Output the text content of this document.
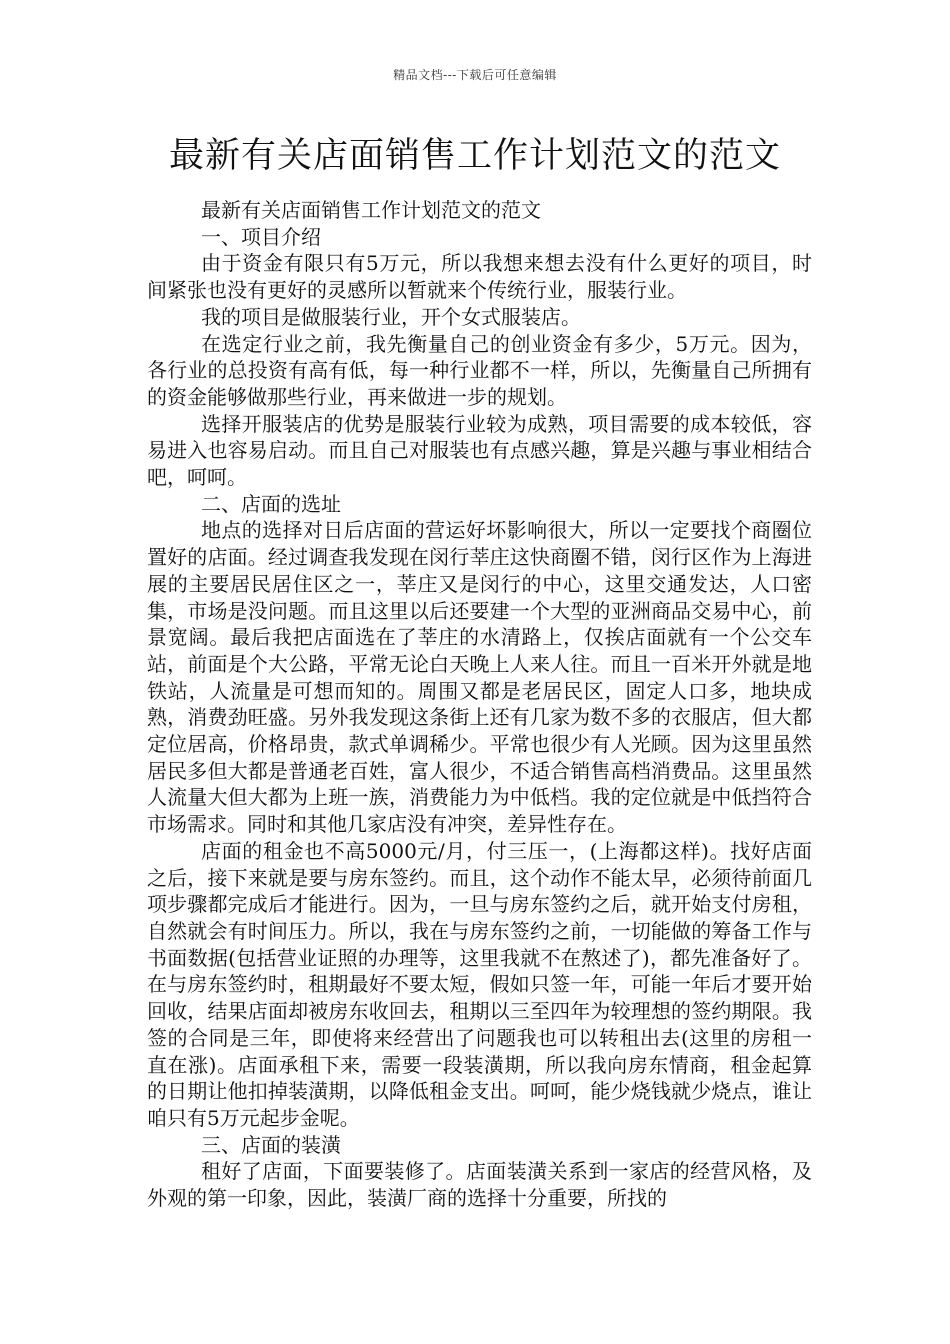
精品文档---下载后可任意编辑
最新有关店面销售工作计划范文的范文

最新有关店面销售工作计划范文的范文

一、项目介绍

由于资金有限只有5万元，所以我想来想去没有什么更好的项目，时间紧张也没有更好的灵感所以暂就来个传统行业，服装行业。

我的项目是做服装行业，开个女式服装店。

在选定行业之前，我先衡量自己的创业资金有多少，5万元。因为，各行业的总投资有高有低，每一种行业都不一样，所以，先衡量自己所拥有的资金能够做那些行业，再来做进一步的规划。

选择开服装店的优势是服装行业较为成熟，项目需要的成本较低，容易进入也容易启动。而且自己对服装也有点感兴趣，算是兴趣与事业相结合吧，呵呵。

二、店面的选址

地点的选择对日后店面的营运好坏影响很大，所以一定要找个商圈位置好的店面。经过调查我发现在闵行莘庄这快商圈不错，闵行区作为上海进展的主要居民居住区之一，莘庄又是闵行的中心，这里交通发达，人口密集，市场是没问题。而且这里以后还要建一个大型的亚洲商品交易中心，前景宽阔。最后我把店面选在了莘庄的水清路上，仅挨店面就有一个公交车站，前面是个大公路，平常无论白天晚上人来人往。而且一百米开外就是地铁站，人流量是可想而知的。周围又都是老居民区，固定人口多，地块成熟，消费劲旺盛。另外我发现这条街上还有几家为数不多的衣服店，但大都定位居高，价格昂贵，款式单调稀少。平常也很少有人光顾。因为这里虽然居民多但大都是普通老百姓，富人很少，不适合销售高档消费品。这里虽然人流量大但大都为上班一族，消费能力为中低档。我的定位就是中低挡符合市场需求。同时和其他几家店没有冲突，差异性存在。

店面的租金也不高5000元/月，付三压一，(上海都这样)。找好店面之后，接下来就是要与房东签约。而且，这个动作不能太早，必须待前面几项步骤都完成后才能进行。因为，一旦与房东签约之后，就开始支付房租，自然就会有时间压力。所以，我在与房东签约之前，一切能做的筹备工作与书面数据(包括营业证照的办理等，这里我就不在熬述了)，都先准备好了。在与房东签约时，租期最好不要太短，假如只签一年，可能一年后才要开始回收，结果店面却被房东收回去，租期以三至四年为较理想的签约期限。我签的合同是三年，即使将来经营出了问题我也可以转租出去(这里的房租一直在涨)。店面承租下来，需要一段装潢期，所以我向房东情商，租金起算的日期让他扣掉装潢期，以降低租金支出。呵呵，能少烧钱就少烧点，谁让咱只有5万元起步金呢。

三、店面的装潢

租好了店面，下面要装修了。店面装潢关系到一家店的经营风格，及外观的第一印象，因此，装潢厂商的选择十分重要，所找的
